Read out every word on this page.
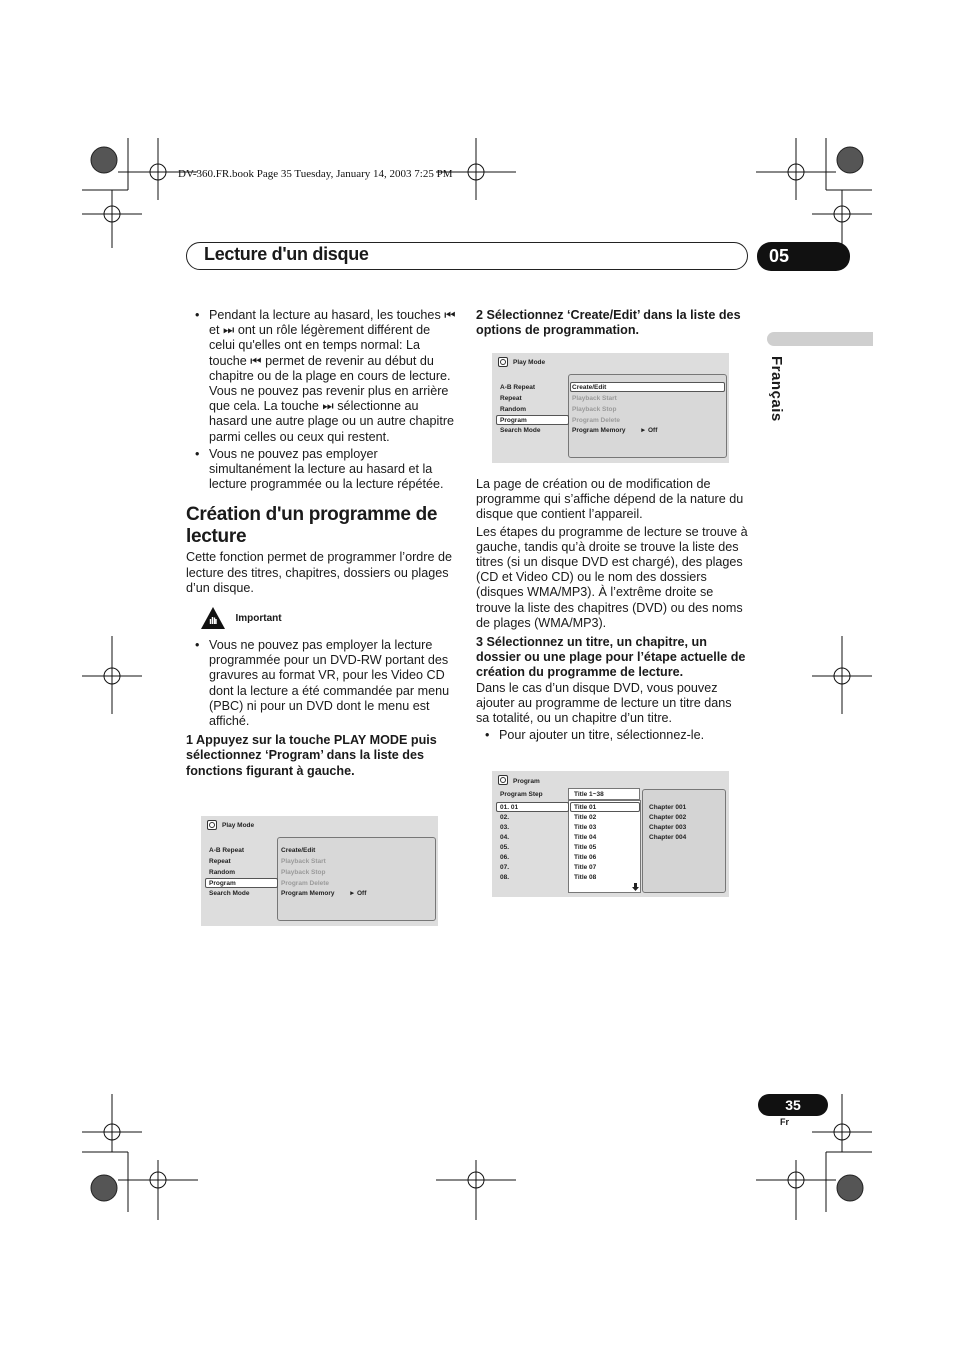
DV-360.FR.book Page 35 Tuesday, January 14, 2003 7:25 PM
Lecture d'un disque	05
Français
• Pendant la lecture au hasard, les touches ⏮ et ⏭ ont un rôle légèrement différent de celui qu'elles ont en temps normal: La touche ⏮ permet de revenir au début du chapitre ou de la plage en cours de lecture. Vous ne pouvez pas revenir plus en arrière que cela. La touche ⏭ sélectionne au hasard une autre plage ou un autre chapitre parmi celles ou ceux qui restent.
• Vous ne pouvez pas employer simultanément la lecture au hasard et la lecture programmée ou la lecture répétée.
Création d'un programme de lecture

Cette fonction permet de programmer l’ordre de lecture des titres, chapitres, dossiers ou plages d’un disque.

Important
• Vous ne pouvez pas employer la lecture programmée pour un DVD-RW portant des gravures au format VR, pour les Video CD dont la lecture a été commandée par menu (PBC) ni pour un DVD dont le menu est affiché.

1 Appuyez sur la touche PLAY MODE puis sélectionnez ‘Program’ dans la liste des fonctions figurant à gauche.

Play Mode
A-B Repeat
Repeat
Random
Program
Search Mode
Create/Edit
Playback Start
Playback Stop
Program Delete
Program Memory ► Off

2 Sélectionnez ‘Create/Edit’ dans la liste des options de programmation.

Play Mode
A-B Repeat
Repeat
Random
Program
Search Mode
Create/Edit
Playback Start
Playback Stop
Program Delete
Program Memory ► Off

La page de création ou de modification de programme qui s’affiche dépend de la nature du disque que contient l’appareil.

Les étapes du programme de lecture se trouve à gauche, tandis qu’à droite se trouve la liste des titres (si un disque DVD est chargé), des plages (CD et Video CD) ou le nom des dossiers (disques WMA/MP3). À l’extrême droite se trouve la liste des chapitres (DVD) ou des noms de plages (WMA/MP3).

3 Sélectionnez un titre, un chapitre, un dossier ou une plage pour l’étape actuelle de création du programme de lecture.

Dans le cas d’un disque DVD, vous pouvez ajouter au programme de lecture un titre dans sa totalité, ou un chapitre d’un titre.

• Pour ajouter un titre, sélectionnez-le.
Program
Program Step	Title 1~38
01. 01
02.
03.
04.
05.
06.
07.
08.
Title 01
Title 02
Title 03
Title 04
Title 05
Title 06
Title 07
Title 08
Chapter 001
Chapter 002
Chapter 003
Chapter 004
35
Fr
